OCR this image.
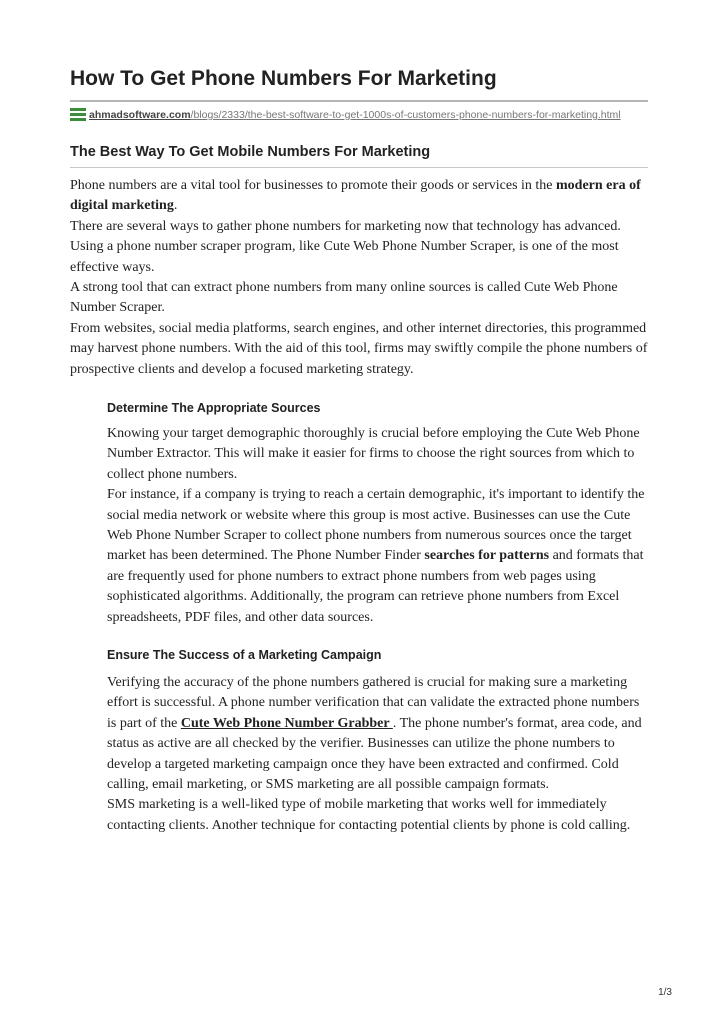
How To Get Phone Numbers For Marketing
ahmadsoftware.com /blogs/2333/the-best-software-to-get-1000s-of-customers-phone-numbers-for-marketing.html
The Best Way To Get Mobile Numbers For Marketing

Phone numbers are a vital tool for businesses to promote their goods or services in the modern era of digital marketing.

There are several ways to gather phone numbers for marketing now that technology has advanced. Using a phone number scraper program, like Cute Web Phone Number Scraper, is one of the most effective ways.

A strong tool that can extract phone numbers from many online sources is called Cute Web Phone Number Scraper.

From websites, social media platforms, search engines, and other internet directories, this programmed may harvest phone numbers. With the aid of this tool, firms may swiftly compile the phone numbers of prospective clients and develop a focused marketing strategy.

Determine The Appropriate Sources

Knowing your target demographic thoroughly is crucial before employing the Cute Web Phone Number Extractor. This will make it easier for firms to choose the right sources from which to collect phone numbers.

For instance, if a company is trying to reach a certain demographic, it's important to identify the social media network or website where this group is most active. Businesses can use the Cute Web Phone Number Scraper to collect phone numbers from numerous sources once the target market has been determined. The Phone Number Finder searches for patterns and formats that are frequently used for phone numbers to extract phone numbers from web pages using sophisticated algorithms. Additionally, the program can retrieve phone numbers from Excel spreadsheets, PDF files, and other data sources.

Ensure The Success of a Marketing Campaign

Verifying the accuracy of the phone numbers gathered is crucial for making sure a marketing effort is successful. A phone number verification that can validate the extracted phone numbers is part of the Cute Web Phone Number Grabber . The phone number's format, area code, and status as active are all checked by the verifier. Businesses can utilize the phone numbers to develop a targeted marketing campaign once they have been extracted and confirmed. Cold calling, email marketing, or SMS marketing are all possible campaign formats.

SMS marketing is a well-liked type of mobile marketing that works well for immediately contacting clients. Another technique for contacting potential clients by phone is cold calling.

1/3
